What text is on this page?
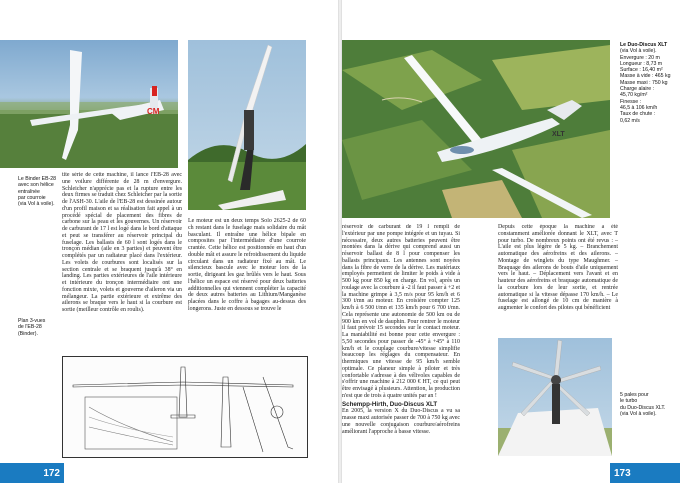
CM
Le Binder EB-28
avec son hélice
entraînée
par courroie
(via Vol à voile).
Plan 3-vues
de l'EB-28
(Binder).

tite série de cette machine, il lance l'EB-28 avec une voilure différente de 28 m d'envergure. Schleicher n'apprécie pas et la rupture entre les deux firmes se traduit chez Schleicher par la sortie de l'ASH-30. L'aile de l'EB-28 est dessinée autour d'un profil maison et sa réalisation fait appel à un procédé spécial de placement des fibres de carbone sur la peau et les gouvernes. Un réservoir de carburant de 17 l est logé dans le bord d'attaque et peut se transférer au réservoir principal du fuselage. Les ballasts de 60 l sont logés dans le tronçon médian (aile en 3 parties) et peuvent être complétés par un radiateur placé dans l'extérieur. Les volets de courbures sont localisés sur la section centrale et se braquent jusqu'à 38° en landing. Les parties extérieures de l'aile intérieure et intérieure du tronçon intermédiaire ont une fonction mixte, volets et gouverne d'aileron via un mélangeur. La partie extérieure et extrême des ailerons se braque vers le haut si la courbure est sortie (meilleur contrôle en roulis).

Le moteur est un deux temps Solo 2625-2 de 60 ch restant dans le fuselage mais solidaire du mât basculant. Il entraîne une hélice bipale en composites par l'intermédiaire d'une courroie crantée. Cette hélice est positionnée en haut d'un double mât et assure le refroidissement du liquide circulant dans un radiateur fixé au mât. Le silencieux bascule avec le moteur lors de la sortie, dirigeant les gaz brûlés vers le haut. Sous l'hélice un espace est réservé pour deux batteries additionnelles qui viennent compléter la capacité de deux autres batteries au Lithium/Manganèse placées dans le coffre à bagages au-dessus des longerons. Juste en dessous se trouve le

172
XLT
Le Duo-Discus XLT
(via Vol à voile).
Envergure : 20 m
Longueur : 8,73 m
Surface : 16,40 m²
Masse à vide : 465 kg
Masse maxi : 750 kg
Charge alaire :
45,70 kg/m²
Finesse :
46,5 à 106 km/h
Taux de chute :
0,62 m/s

réservoir de carburant de 19 l rempli de l'extérieur par une pompe intégrée et un tuyau. Si nécessaire, deux autres batteries peuvent être montées dans la dérive qui comprend aussi un réservoir ballast de 8 l pour compenser les ballasts principaux. Les antennes sont noyées dans la fibre de verre de la dérive. Les matériaux employés permettent de limiter le poids à vide à 500 kg pour 850 kg en charge. En vol, après un roulage avec la courbure à -2 il faut passer à +2 et la machine grimpe à 3,5 m/s pour 95 km/h et 6 300 t/mn au moteur. En croisière compter 125 km/h à 6 500 t/mn et 135 km/h pour 6 700 t/mn. Cela représente une autonomie de 500 km ou de 900 km en vol de dauphin. Pour rentrer le moteur il faut prévoir 15 secondes sur le contact moteur. La maniabilité est bonne pour cette envergure : 5,50 secondes pour passer de -45° à +45° à 110 km/h et le couplage courbure/vitesse simplifie beaucoup les réglages du compensateur. En thermiques une vitesse de 95 km/h semble optimale. Ce planeur simple à piloter et très confortable s'adresse à des vélivoles capables de s'offrir une machine à 212 000 € HT, ce qui peut être envisagé à plusieurs. Attention, la production n'est que de trois à quatre unités par an !

Schempp-Hirth, Duo-Discus XLT

En 2005, la version X du Duo-Discus a vu sa masse maxi autorisée passer de 700 à 750 kg avec une nouvelle conjugaison courbure/aérofreins améliorant l'approche à basse vitesse.

Depuis cette époque la machine a été constamment améliorée donnant le XLT, avec T pour turbo. De nombreux points ont été revus : – L'aile est plus légère de 5 kg. – Branchement automatique des aérofreins et des ailerons. – Montage de winglets du type Maughmer. – Braquage des ailerons de bouts d'aile uniquement vers le haut. – Déplacement vers l'avant et en hauteur des aérofreins et braquage automatique de la courbure lors de leur sortie, et rentrée automatique si la vitesse dépasse 170 km/h. – Le fuselage est allongé de 10 cm de manière à augmenter le confort des pilotes qui bénéficient

5 pales pour
le turbo
du Duo-Discus XLT.
(via Vol à voile).
173
